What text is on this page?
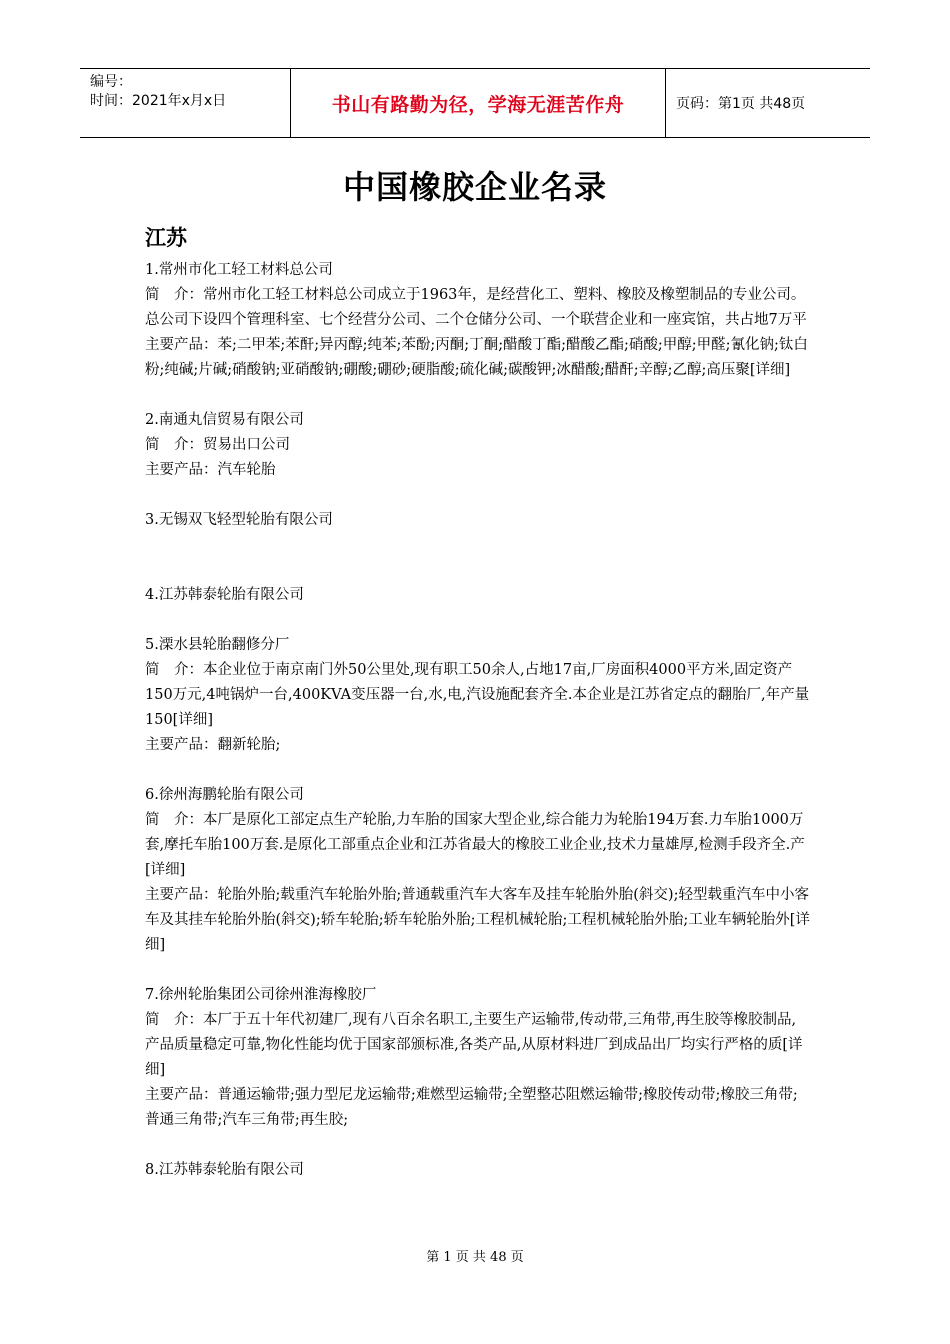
编号：
时间：2021年x月x日	书山有路勤为径，学海无涯苦作舟	页码：第1页 共48页
中国橡胶企业名录
江苏

1.常州市化工轻工材料总公司

简　介：常州市化工轻工材料总公司成立于1963年，是经营化工、塑料、橡胶及橡塑制品的专业公司。总公司下设四个管理科室、七个经营分公司、二个仓储分公司、一个联营企业和一座宾馆，共占地7万平

主要产品：苯;二甲苯;苯酐;异丙醇;纯苯;苯酚;丙酮;丁酮;醋酸丁酯;醋酸乙酯;硝酸;甲醇;甲醛;氰化钠;钛白粉;纯碱;片碱;硝酸钠;亚硝酸钠;硼酸;硼砂;硬脂酸;硫化碱;碳酸钾;冰醋酸;醋酐;辛醇;乙醇;高压聚[详细]

2.南通丸信贸易有限公司

简　介：贸易出口公司

主要产品：汽车轮胎

3.无锡双飞轻型轮胎有限公司

4.江苏韩泰轮胎有限公司

5.溧水县轮胎翻修分厂

简　介：本企业位于南京南门外50公里处,现有职工50余人,占地17亩,厂房面积4000平方米,固定资产150万元,4吨锅炉一台,400KVA变压器一台,水,电,汽设施配套齐全.本企业是江苏省定点的翻胎厂,年产量150[详细]

主要产品：翻新轮胎;

6.徐州海鹏轮胎有限公司

简　介：本厂是原化工部定点生产轮胎,力车胎的国家大型企业,综合能力为轮胎194万套.力车胎1000万套,摩托车胎100万套.是原化工部重点企业和江苏省最大的橡胶工业企业,技术力量雄厚,检测手段齐全.产[详细]

主要产品：轮胎外胎;载重汽车轮胎外胎;普通载重汽车大客车及挂车轮胎外胎(斜交);轻型载重汽车中小客车及其挂车轮胎外胎(斜交);轿车轮胎;轿车轮胎外胎;工程机械轮胎;工程机械轮胎外胎;工业车辆轮胎外[详细]

7.徐州轮胎集团公司徐州淮海橡胶厂

简　介：本厂于五十年代初建厂,现有八百余名职工,主要生产运输带,传动带,三角带,再生胶等橡胶制品,产品质量稳定可靠,物化性能均优于国家部颁标准,各类产品,从原材料进厂到成品出厂均实行严格的质[详细]

主要产品：普通运输带;强力型尼龙运输带;难燃型运输带;全塑整芯阻燃运输带;橡胶传动带;橡胶三角带;普通三角带;汽车三角带;再生胶;

8.江苏韩泰轮胎有限公司

第 1 页 共 48 页
